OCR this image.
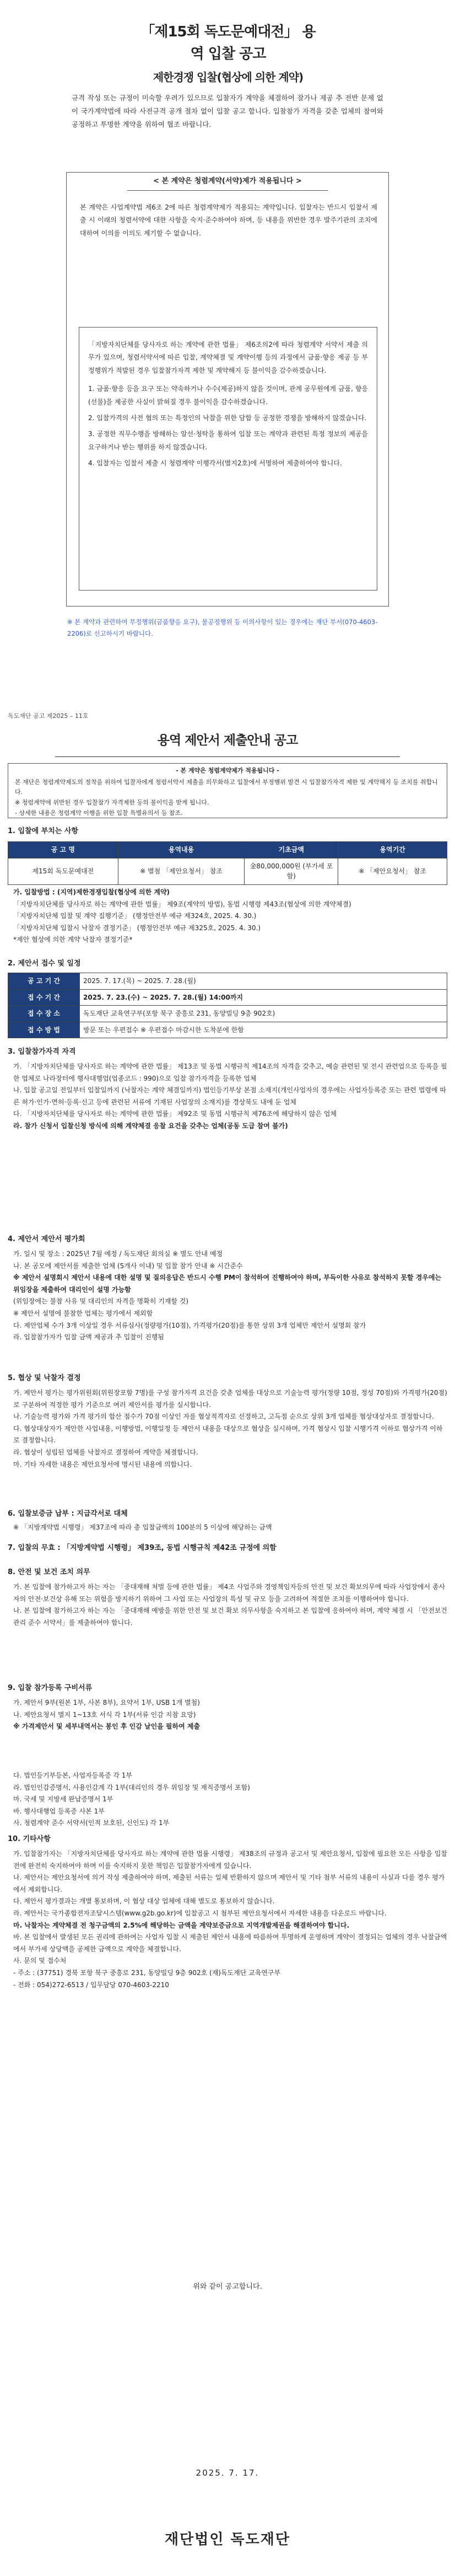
「제15회 독도문예대전」 용역 입찰 공고
제한경쟁 입찰(협상에 의한 계약)
규격 작성 또는 규정이 미숙할 우려가 있으므로 입찰자가 계약을 체결하여 잘가나 제공 추 전반 문제 없이 국가계약법에 따라 사전규격 공개 절차 없이 입찰 공고 합니다. 입찰참가 자격을 갖춘 업체의 참여와 공정하고 투명한 계약을 위하여 협조 바랍니다.
< 본 계약은 청렴계약(서약)제가 적용됩니다 >
본 계약은 사업계약법 제6조 2에 따른 청렴계약제가 적용되는 계약입니다. 입찰자는 반드시 입찰서 제출 시 이래의 청렴서약에 대한 사항을 숙지·준수하여야 하며, 등 내용을 위반한 경우 발주기관의 조치에 대하여 이의를 이의도 제기할 수 없습니다.

「지방자치단체를 당사자로 하는 계약에 관한 법률」 제6조의2에 따라 청렴계약 서약서 제출 의무가 있으며, 청렴서약서에 따른 입찰, 계약체결 및 계약이행 등의 과정에서 금품·향응 제공 등 부정행위가 적발된 경우 입찰참가자격 제한 및 계약해지 등 불이익을 감수하겠습니다.

1. 금품·향응 등을 요구 또는 약속하거나 수수(제공)하지 않을 것이며, 관계 공무원에게 금품, 향응 (선물)을 제공한 사실이 밝혀질 경우 불이익을 감수하겠습니다.
2. 입찰가격의 사전 협의 또는 특정인의 낙찰을 위한 담합 등 공정한 경쟁을 방해하지 않겠습니다.
3. 공정한 직무수행을 방해하는 알선·청탁을 통하여 입찰 또는 계약과 관련된 특정 정보의 제공을 요구하거나 받는 행위를 하지 않겠습니다.
4. 입찰자는 입찰서 제출 시 청렴계약 이행각서(별지2호)에 서명하여 제출하여야 합니다.
※ 본 계약과 관련하여 부정행위(금품향응 요구), 불공정행위 등 이의사항이 있는 경우에는 재단 부서(070-4603-2206)로 신고하시기 바랍니다.
독도재단 공고 제2025 – 11호
용역 제안서 제출안내 공고
- 본 계약은 청렴계약제가 적용됩니다 -
본 재단은 청렴계약제도의 정착을 위하여 입찰자에게 청렴서약서 제출을 의무화하고 입찰에서 부정행위 발견 시 입찰참가자격 제한 및 계약해지 등 조치를 취합니다.
※ 청렴계약에 위반된 경우 입찰참가 자격제한 등의 불이익을 받게 됩니다.
- 상세한 내용은 청렴계약 이행을 위한 입찰 특별유의서 등 참조.
1. 입찰에 부치는 사항
공 고 명	용역내용	기초금액	용역기간
제15회 독도문예대전	※ 별첨 「제안요청서」 참조	金80,000,000원 (부가세 포함)	※ 「제안요청서」 참조
가. 입찰방법 : (지역)제한경쟁입찰(협상에 의한 계약)
「지방자치단체를 당사자로 하는 계약에 관한 법률」 제9조(계약의 방법), 동법 시행령 제43조(협상에 의한 계약체결)
「지방자치단체 입찰 및 계약 집행기준」 (행정안전부 예규 제324호, 2025. 4. 30.)
「지방자치단체 입찰시 낙찰자 결정기준」 (행정안전부 예규 제325호, 2025. 4. 30.)
*제안 협상에 의한 계약 낙찰자 결정기준*
2. 제안서 접수 및 일정
공 고 기 간	2025. 7. 17.(목) ~ 2025. 7. 28.(월)
접 수 기 간	2025. 7. 23.(수) ~ 2025. 7. 28.(월) 14:00까지
접 수 장 소	독도재단 교육연구부(포항 북구 중흥로 231, 동양빌딩 9층 902호)
접 수 방 법	방문 또는 우편접수 ※ 우편접수 마감시한 도착분에 한함
3. 입찰참가자격 자격
가. 「지방자치단체를 당사자로 하는 계약에 관한 법률」 제13조 및 동법 시행규칙 제14조의 자격을 갖추고, 예술 관련된 및 전시 관련업으로 등록을 필한 업체로 나라장터에 행사대행업(업종코드 : 990)으로 입찰 참가자격을 등록한 업체
나. 입찰 공고일 전일부터 입찰일까지 (낙찰자는 계약 체결일까지) 법인등기부상 본점 소재지(개인사업자의 경우에는 사업자등록증 또는 관련 법령에 따른 허가·인가·면허·등록·신고 등에 관련된 서류에 기재된 사업장의 소재지)를 경상북도 내에 둔 업체
다. 「지방자치단체를 당사자로 하는 계약에 관한 법률」 제92조 및 동법 시행규칙 제76조에 해당하지 않은 업체
라. 참가 신청서 입찰신청 방식에 의해 계약체결 응찰 요건을 갖추는 업체(공동 도급 참여 불가)
4. 제안서 제안서 평가회
가. 일시 및 장소 : 2025년 7월 예정 / 독도재단 회의실 ※ 별도 안내 예정
나. 본 공모에 제안서를 제출한 업체 (5개사 이내) 및 입찰 참가 안내 ※ 시간준수
※ 제안서 설명회시 제안서 내용에 대한 설명 및 질의응답은 반드시 수행 PM이 참석하여 진행하여야 하며, 부득이한 사유로 참석하지 못할 경우에는 위임장을 제출하여 대리인이 설명 가능함
(위임장에는 불참 사유 및 대리인의 자격을 명확히 기재할 것)
※ 제안서 설명에 불참한 업체는 평가에서 제외함
다. 제안업체 수가 3개 이상일 경우 서류심사(정량평가(10점), 가격평가(20점)를 통한 상위 3개 업체만 제안서 설명회 참가
라. 입찰참가자가 입찰 금액 제공과 추 입찰이 진행됨
5. 협상 및 낙찰자 결정
가. 제안서 평가는 평가위원회(위원장포함 7명)를 구성 참가자격 요건을 갖춘 업체를 대상으로 기술능력 평가(정량 10점, 정성 70점)와 가격평가(20점)로 구분하여 적정한 평가 기준으로 여러 제안서를 평가를 실시합니다.
나. 기술능력 평가와 가격 평가의 합산 점수가 70점 이상인 자를 협상적격자로 선정하고, 고득점 순으로 상위 3개 업체를 협상대상자로 결정합니다.
다. 협상대상자가 제안한 사업내용, 이행방법, 이행일정 등 제안서 내용을 대상으로 협상을 실시하며, 가격 협상시 입찰 시행가격 이하로 협상가격 이하로 결정합니다.
라. 협상이 성립된 업체를 낙찰자로 결정하여 계약을 체결합니다.
마. 기타 자세한 내용은 제안요청서에 명시된 내용에 의합니다.
6. 입찰보증금 납부 : 지급각서로 대체
※ 「지방계약법 시행령」 제37조에 따라 총 입찰금액의 100분의 5 이상에 해당하는 금액
7. 입찰의 무효 : 「지방계약법 시행령」 제39조, 동법 시행규칙 제42조 규정에 의함
8. 안전 및 보건 조치 의무
가. 본 입찰에 참가하고자 하는 자는 「중대재해 처벌 등에 관한 법률」 제4조 사업주와 경영책임자등의 안전 및 보건 확보의무에 따라 사업장에서 종사자의 안전·보건상 유해 또는 위험을 방지하기 위하여 그 사업 또는 사업장의 특성 및 규모 등을 고려하여 적절한 조치를 이행하여야 합니다.
나. 본 입찰에 참가하고자 하는 자는 「중대재해 예방을 위한 안전 및 보건 확보 의무사항을 숙지하고 본 입찰에 응하여야 하며, 계약 체결 시 「안전보건관리 준수 서약서」를 제출하여야 합니다.
9. 입찰 참가등록 구비서류
가. 제안서 9부(원본 1부, 사본 8부), 요약서 1부, USB 1개 별첨)
나. 제안요청서 별지 1~13호 서식 각 1부(서류 인감 지참 요망)
※ 가격제안서 및 세부내역서는 봉인 후 인감 날인을 필하여 제출
다. 법인등기부등본, 사업자등록증 각 1부
라. 법인인감증명서, 사용인감계 각 1부(대리인의 경우 위임장 및 재직증명서 포함)
마. 국세 및 지방세 완납증명서 1부
바. 행사대행업 등록증 사본 1부
사. 청렴계약 준수 서약서(인적 보호된, 신인도) 각 1부
10. 기타사항
가. 입찰참가자는 「지방자치단체를 당사자로 하는 계약에 관한 법률 시행령」 제38조의 규정과 공고서 및 제안요청서, 입찰에 필요한 모든 사항을 입찰 전에 완전히 숙지하여야 하며 이를 숙지하지 못한 책임은 입찰참가자에게 있습니다.
나. 제안서는 제안요청서에 의거 작성 제출하여야 하며, 제출된 서류는 일체 반환하지 않으며 제안서 및 기타 첨부 서류의 내용이 사실과 다를 경우 평가에서 제외합니다.
다. 제안서 평가결과는 개별 통보하며, 이 협상 대상 업체에 대해 별도로 통보하지 않습니다.
라. 제안서는 국가종합전자조달시스템(www.g2b.go.kr)에 입찰공고 시 첨부된 제안요청서에서 자세한 내용을 다운로드 바랍니다.
마. 낙찰자는 계약체결 전 청구금액의 2.5%에 해당하는 금액을 계약보증금으로 지역개발제권을 해결하여야 합니다.
바. 본 입찰에서 발생된 모든 권리에 관하여는 사업자 입찰 시 제출된 제안서 내용에 따름하여 투명하게 운영하며 계약이 결정되는 업체의 경우 낙찰금액에서 부가세 상당액을 공제한 금액으로 계약을 체결합니다.
사. 문의 및 접수처
- 주소 : (37751) 경북 포항 북구 중흥로 231, 동양빌딩 9층 902호 (재)독도재단 교육연구부
- 전화 : 054)272-6513 / 입무담당 070-4603-2210
위와 같이 공고합니다.
2025. 7. 17.
재단법인 독도재단
